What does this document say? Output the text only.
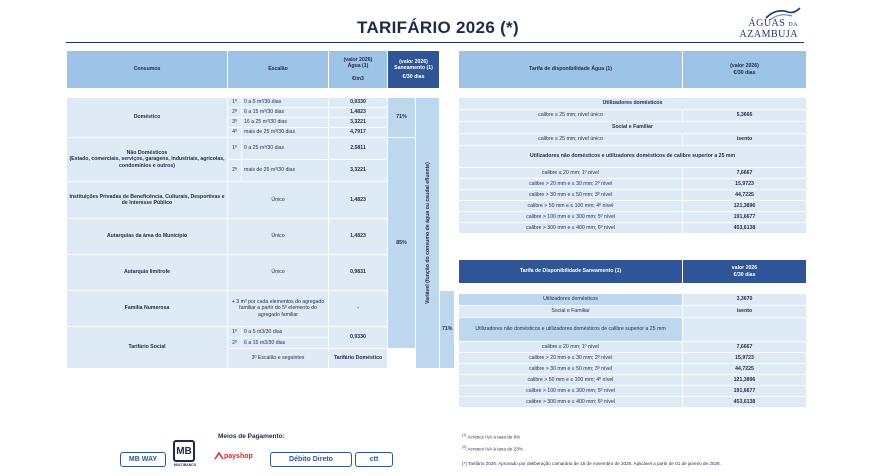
TARIFÁRIO 2026 (*)	ÁGUAS DA
AZAMBUJA
Consumos	Escalão	
(valor 2026)
Água (1)
€/m3

(valor 2026)
Saneamento (1)
€/30 dias
Doméstico	1º	0 a 5 m³/30 dias	0,9330	71%	Variável (função do consumo de água ou caudal efluente)	

	2º	6 a 15 m³/30 dias	1,4823			
	3º	16 a 25 m³/30 dias	3,3221			
	4º	mais de 25 m³/30 dias	4,7917			

Não Domésticos
(Estado, comerciais, serviços, garagens, industriais, agrícolas, condomínios e outros)	1º	0 a 25 m³/30 dias	2,5811	85%		
	2º	mais de 25 m³/30 dias	3,3221			
Instituições Privadas de Beneficência, Culturais, Desportivas e de Interesse Público	Único		1,4823			
Autarquias da área do Município	Único		1,4823			
Autarquia limítrofe	Único		0,9831			
Família Numerosa	+ 3 m³ por cada elementos do agregado familiar a partir do 5º elemento do agregado familiar		-			71%
Tarifário Social	1º	0 a 5 m3/30 dias	0,9330			
	2º	6 a 15 m3/30 dias				
	3º Escalão e seguintes		Tarifário Doméstico			
Tarifa de disponibilidade Água (1)	
(valor 2026)
€/30 dias
Utilizadores domésticos	
calibre ≤ 25 mm; nível único	5,3666
Social e Familiar	
calibre ≤ 25 mm; nível único	isento
Utilizadores não domésticos e utilizadores domésticos de calibre superior a 25 mm	
calibre ≤ 20 mm; 1º nível	7,6667
calibre > 20 mm e ≤ 30 mm; 2º nível	15,9723
calibre > 30 mm e ≤ 50 mm; 3º nível	44,7225
calibre > 50 mm e ≤ 100 mm; 4º nível	121,3896
calibre > 100 mm e ≤ 300 mm; 5º nível	191,6677
calibre > 300 mm e ≤ 400 mm; 6º nível	453,6138
Tarifa de Disponibilidade Saneamento (1)	
valor 2026
€/30 dias
Utilizadores domésticos	3,3670
Social e Familiar	isento
Utilizadores não domésticos e utilizadores domésticos de calibre superior a 25 mm	
calibre ≤ 20 mm; 1º nível	7,6667
calibre > 20 mm e ≤ 30 mm; 2º nível	15,9723
calibre > 30 mm e ≤ 50 mm; 3º nível	44,7225
calibre > 50 mm e ≤ 100 mm; 4º nível	121,3896
calibre > 100 mm e ≤ 300 mm; 5º nível	191,6677
calibre > 300 mm e ≤ 400 mm; 6º nível	453,6138
Meios de Pagamento:
MB WAY
MB
MULTIBANCO
payshop	Débito Direto	ctt
$^{(1)}$ Acresce IVA à taxa de 6%
$^{(2)}$ Acresce IVA à taxa de 23%
(*) Tarifário 2026: Aprovado por deliberação camarária de 18 de novembro de 2025. Aplicável a partir de 01 de janeiro de 2026.
